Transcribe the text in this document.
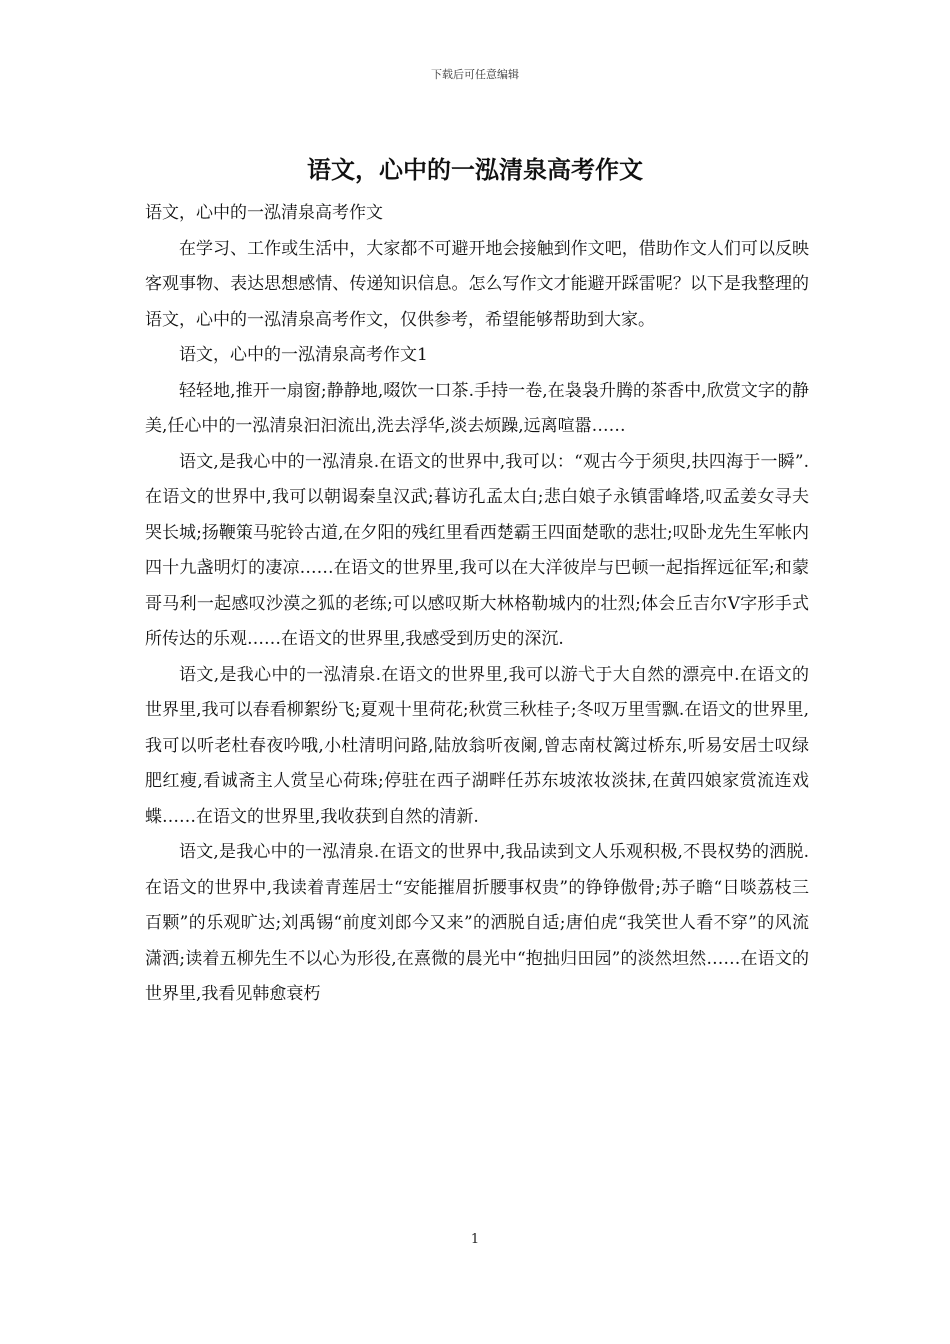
下载后可任意编辑
语文，心中的一泓清泉高考作文

语文，心中的一泓清泉高考作文

在学习、工作或生活中，大家都不可避开地会接触到作文吧，借助作文人们可以反映客观事物、表达思想感情、传递知识信息。怎么写作文才能避开踩雷呢？以下是我整理的语文，心中的一泓清泉高考作文，仅供参考，希望能够帮助到大家。

语文，心中的一泓清泉高考作文1

轻轻地,推开一扇窗;静静地,啜饮一口茶.手持一卷,在袅袅升腾的茶香中,欣赏文字的静美,任心中的一泓清泉汩汩流出,洗去浮华,淡去烦躁,远离喧嚣……

语文,是我心中的一泓清泉.在语文的世界中,我可以：“观古今于须臾,扶四海于一瞬”.在语文的世界中,我可以朝谒秦皇汉武;暮访孔孟太白;悲白娘子永镇雷峰塔,叹孟姜女寻夫哭长城;扬鞭策马驼铃古道,在夕阳的残红里看西楚霸王四面楚歌的悲壮;叹卧龙先生军帐内四十九盏明灯的凄凉……在语文的世界里,我可以在大洋彼岸与巴顿一起指挥远征军;和蒙哥马利一起感叹沙漠之狐的老练;可以感叹斯大林格勒城内的壮烈;体会丘吉尔Ⅴ字形手式所传达的乐观……在语文的世界里,我感受到历史的深沉.

语文,是我心中的一泓清泉.在语文的世界里,我可以游弋于大自然的漂亮中.在语文的世界里,我可以春看柳絮纷飞;夏观十里荷花;秋赏三秋桂子;冬叹万里雪飘.在语文的世界里,我可以听老杜春夜吟哦,小杜清明问路,陆放翁听夜阑,曾志南杖篱过桥东,听易安居士叹绿肥红瘦,看诚斋主人赏呈心荷珠;停驻在西子湖畔任苏东坡浓妆淡抹,在黄四娘家赏流连戏蝶……在语文的世界里,我收获到自然的清新.

语文,是我心中的一泓清泉.在语文的世界中,我品读到文人乐观积极,不畏权势的洒脱.在语文的世界中,我读着青莲居士“安能摧眉折腰事权贵”的铮铮傲骨;苏子瞻“日啖荔枝三百颗”的乐观旷达;刘禹锡“前度刘郎今又来”的洒脱自适;唐伯虎“我笑世人看不穿”的风流潇洒;读着五柳先生不以心为形役,在熹微的晨光中“抱拙归田园”的淡然坦然……在语文的世界里,我看见韩愈衰朽

1
